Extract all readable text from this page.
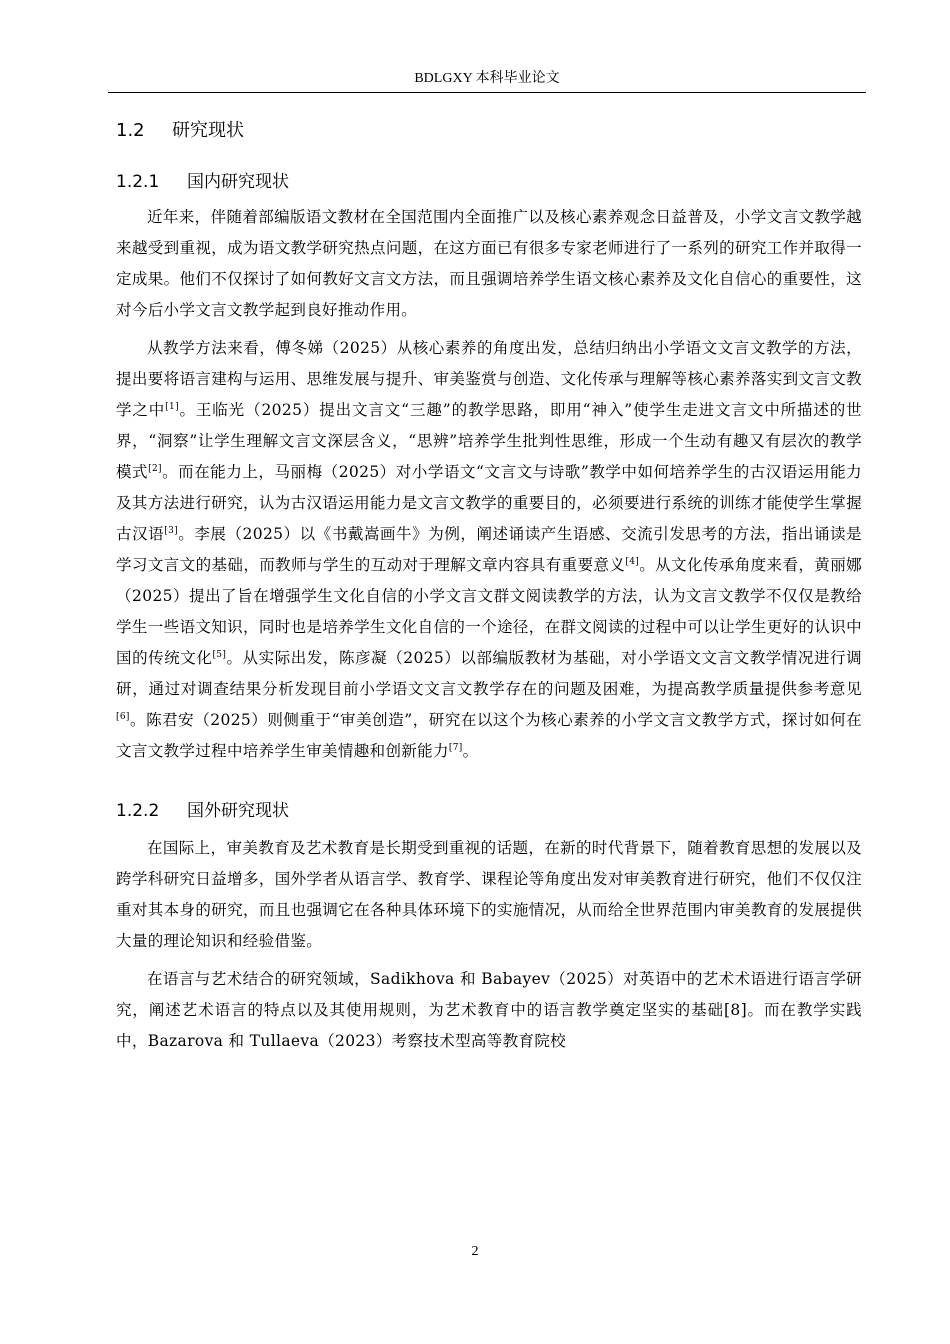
BDLGXY 本科毕业论文
1.2 研究现状
1.2.1 国内研究现状

近年来，伴随着部编版语文教材在全国范围内全面推广以及核心素养观念日益普及，小学文言文教学越来越受到重视，成为语文教学研究热点问题，在这方面已有很多专家老师进行了一系列的研究工作并取得一定成果。他们不仅探讨了如何教好文言文方法，而且强调培养学生语文核心素养及文化自信心的重要性，这对今后小学文言文教学起到良好推动作用。

从教学方法来看，傅冬娣（2025）从核心素养的角度出发，总结归纳出小学语文文言文教学的方法，提出要将语言建构与运用、思维发展与提升、审美鉴赏与创造、文化传承与理解等核心素养落实到文言文教学之中[1]。王临光（2025）提出文言文“三趣”的教学思路，即用“神入”使学生走进文言文中所描述的世界，“洞察”让学生理解文言文深层含义，“思辨”培养学生批判性思维，形成一个生动有趣又有层次的教学模式[2]。而在能力上，马丽梅（2025）对小学语文“文言文与诗歌”教学中如何培养学生的古汉语运用能力及其方法进行研究，认为古汉语运用能力是文言文教学的重要目的，必须要进行系统的训练才能使学生掌握古汉语[3]。李展（2025）以《书戴嵩画牛》为例，阐述诵读产生语感、交流引发思考的方法，指出诵读是学习文言文的基础，而教师与学生的互动对于理解文章内容具有重要意义[4]。从文化传承角度来看，黄丽娜（2025）提出了旨在增强学生文化自信的小学文言文群文阅读教学的方法，认为文言文教学不仅仅是教给学生一些语文知识，同时也是培养学生文化自信的一个途径，在群文阅读的过程中可以让学生更好的认识中国的传统文化[5]。从实际出发，陈彦凝（2025）以部编版教材为基础，对小学语文文言文教学情况进行调研，通过对调查结果分析发现目前小学语文文言文教学存在的问题及困难，为提高教学质量提供参考意见[6]。陈君安（2025）则侧重于“审美创造”，研究在以这个为核心素养的小学文言文教学方式，探讨如何在文言文教学过程中培养学生审美情趣和创新能力[7]。

1.2.2 国外研究现状

在国际上，审美教育及艺术教育是长期受到重视的话题，在新的时代背景下，随着教育思想的发展以及跨学科研究日益增多，国外学者从语言学、教育学、课程论等角度出发对审美教育进行研究，他们不仅仅注重对其本身的研究，而且也强调它在各种具体环境下的实施情况，从而给全世界范围内审美教育的发展提供大量的理论知识和经验借鉴。

在语言与艺术结合的研究领域，Sadikhova 和 Babayev（2025）对英语中的艺术术语进行语言学研究，阐述艺术语言的特点以及其使用规则，为艺术教育中的语言教学奠定坚实的基础[8]。而在教学实践中，Bazarova 和 Tullaeva（2023）考察技术型高等教育院校

2
